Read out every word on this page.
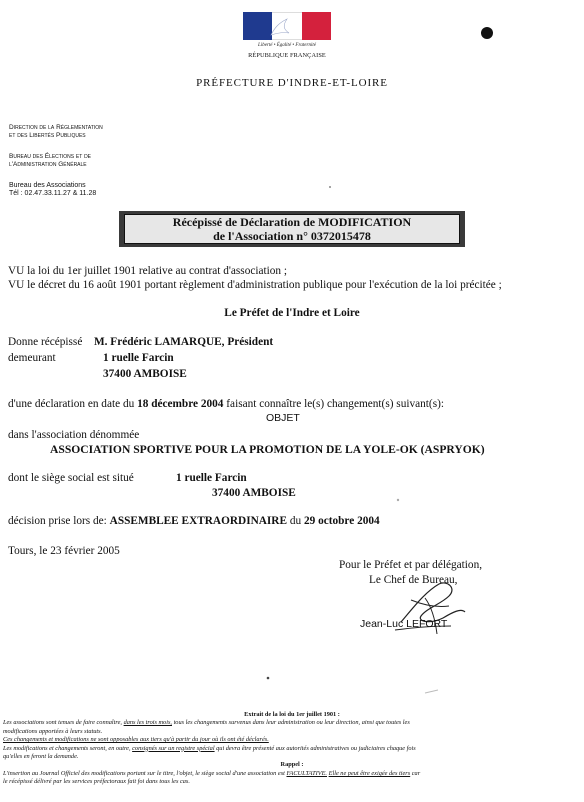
Liberté • Égalité • Fraternité
RÉPUBLIQUE FRANÇAISE
PRÉFECTURE D'INDRE-ET-LOIRE
Direction de la Réglementation
et des Libertés Publiques
Bureau des Élections et de
l'Administration Générale
Bureau des Associations
Tél : 02.47.33.11.27 & 11.28
Récépissé de Déclaration de MODIFICATION
de l'Association n° 0372015478
VU la loi du 1er juillet 1901 relative au contrat d'association ;
VU le décret du 16 août 1901 portant règlement d'administration publique pour l'exécution de la loi précitée ;
Le Préfet de l'Indre et Loire
Donne récépissé M. Frédéric LAMARQUE, Président
demeurant	1 ruelle Farcin
37400 AMBOISE
d'une déclaration en date du 18 décembre 2004 faisant connaître le(s) changement(s) suivant(s):
OBJET
dans l'association dénommée
ASSOCIATION SPORTIVE POUR LA PROMOTION DE LA YOLE-OK (ASPRYOK)
dont le siège social est situé	1 ruelle Farcin
37400 AMBOISE
décision prise lors de: ASSEMBLEE EXTRAORDINAIRE du 29 octobre 2004
Tours, le 23 février 2005
Pour le Préfet et par délégation,
Le Chef de Bureau,
Jean-Luc LEFORT
Extrait de la loi du 1er juillet 1901 :
Les associations sont tenues de faire connaître, dans les trois mois, tous les changements survenus dans leur administration ou leur direction, ainsi que toutes les
modifications apportées à leurs statuts.
Ces changements et modifications ne sont opposables aux tiers qu'à partir du jour où ils ont été déclarés.
Les modifications et changements seront, en outre, consignés sur un registre spécial qui devra être présenté aux autorités administratives ou judiciaires chaque fois
qu'elles en feront la demande.
Rappel :
L'insertion au Journal Officiel des modifications portant sur le titre, l'objet, le siège social d'une association est FACULTATIVE. Elle ne peut être exigée des tiers car
le récépissé délivré par les services préfectoraux fait foi dans tous les cas.
